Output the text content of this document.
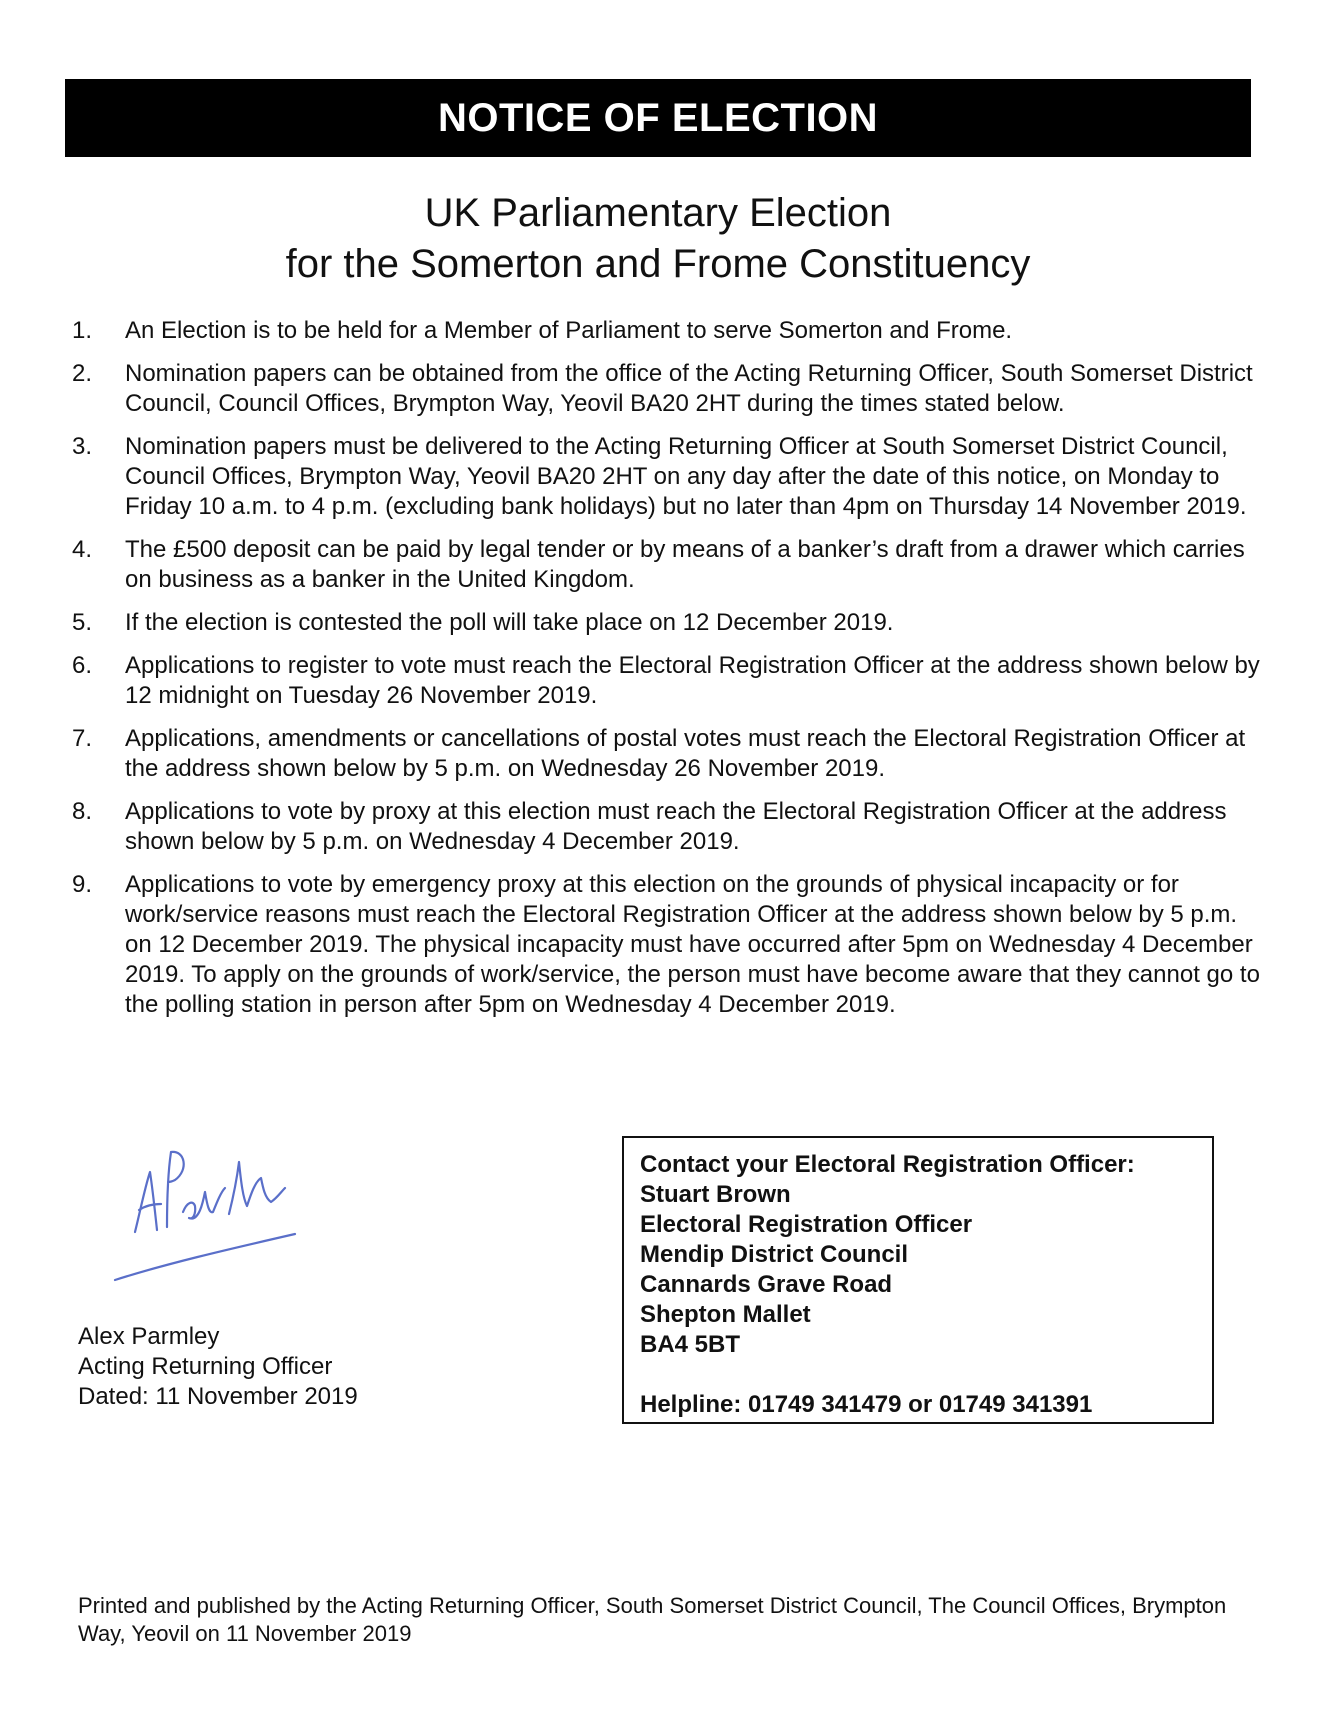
NOTICE OF ELECTION
UK Parliamentary Election
for the Somerton and Frome Constituency
1.	An Election is to be held for a Member of Parliament to serve Somerton and Frome.
2.	Nomination papers can be obtained from the office of the Acting Returning Officer, South Somerset District Council, Council Offices, Brympton Way, Yeovil BA20 2HT during the times stated below.
3.	Nomination papers must be delivered to the Acting Returning Officer at South Somerset District Council, Council Offices, Brympton Way, Yeovil BA20 2HT on any day after the date of this notice, on Monday to Friday 10 a.m. to 4 p.m. (excluding bank holidays) but no later than 4pm on Thursday 14 November 2019.
4.	The £500 deposit can be paid by legal tender or by means of a banker’s draft from a drawer which carries on business as a banker in the United Kingdom.
5.	If the election is contested the poll will take place on 12 December 2019.
6.	Applications to register to vote must reach the Electoral Registration Officer at the address shown below by 12 midnight on Tuesday 26 November 2019.
7.	Applications, amendments or cancellations of postal votes must reach the Electoral Registration Officer at the address shown below by 5 p.m. on Wednesday 26 November 2019.
8.	Applications to vote by proxy at this election must reach the Electoral Registration Officer at the address shown below by 5 p.m. on Wednesday 4 December 2019.
9.	Applications to vote by emergency proxy at this election on the grounds of physical incapacity or for work/service reasons must reach the Electoral Registration Officer at the address shown below by 5 p.m. on 12 December 2019. The physical incapacity must have occurred after 5pm on Wednesday 4 December 2019. To apply on the grounds of work/service, the person must have become aware that they cannot go to the polling station in person after 5pm on Wednesday 4 December 2019.
Alex Parmley
Acting Returning Officer
Dated: 11 November 2019
Contact your Electoral Registration Officer:
Stuart Brown
Electoral Registration Officer
Mendip District Council
Cannards Grave Road
Shepton Mallet
BA4 5BT
Helpline: 01749 341479 or 01749 341391
Printed and published by the Acting Returning Officer, South Somerset District Council, The Council Offices, Brympton Way, Yeovil on 11 November 2019
